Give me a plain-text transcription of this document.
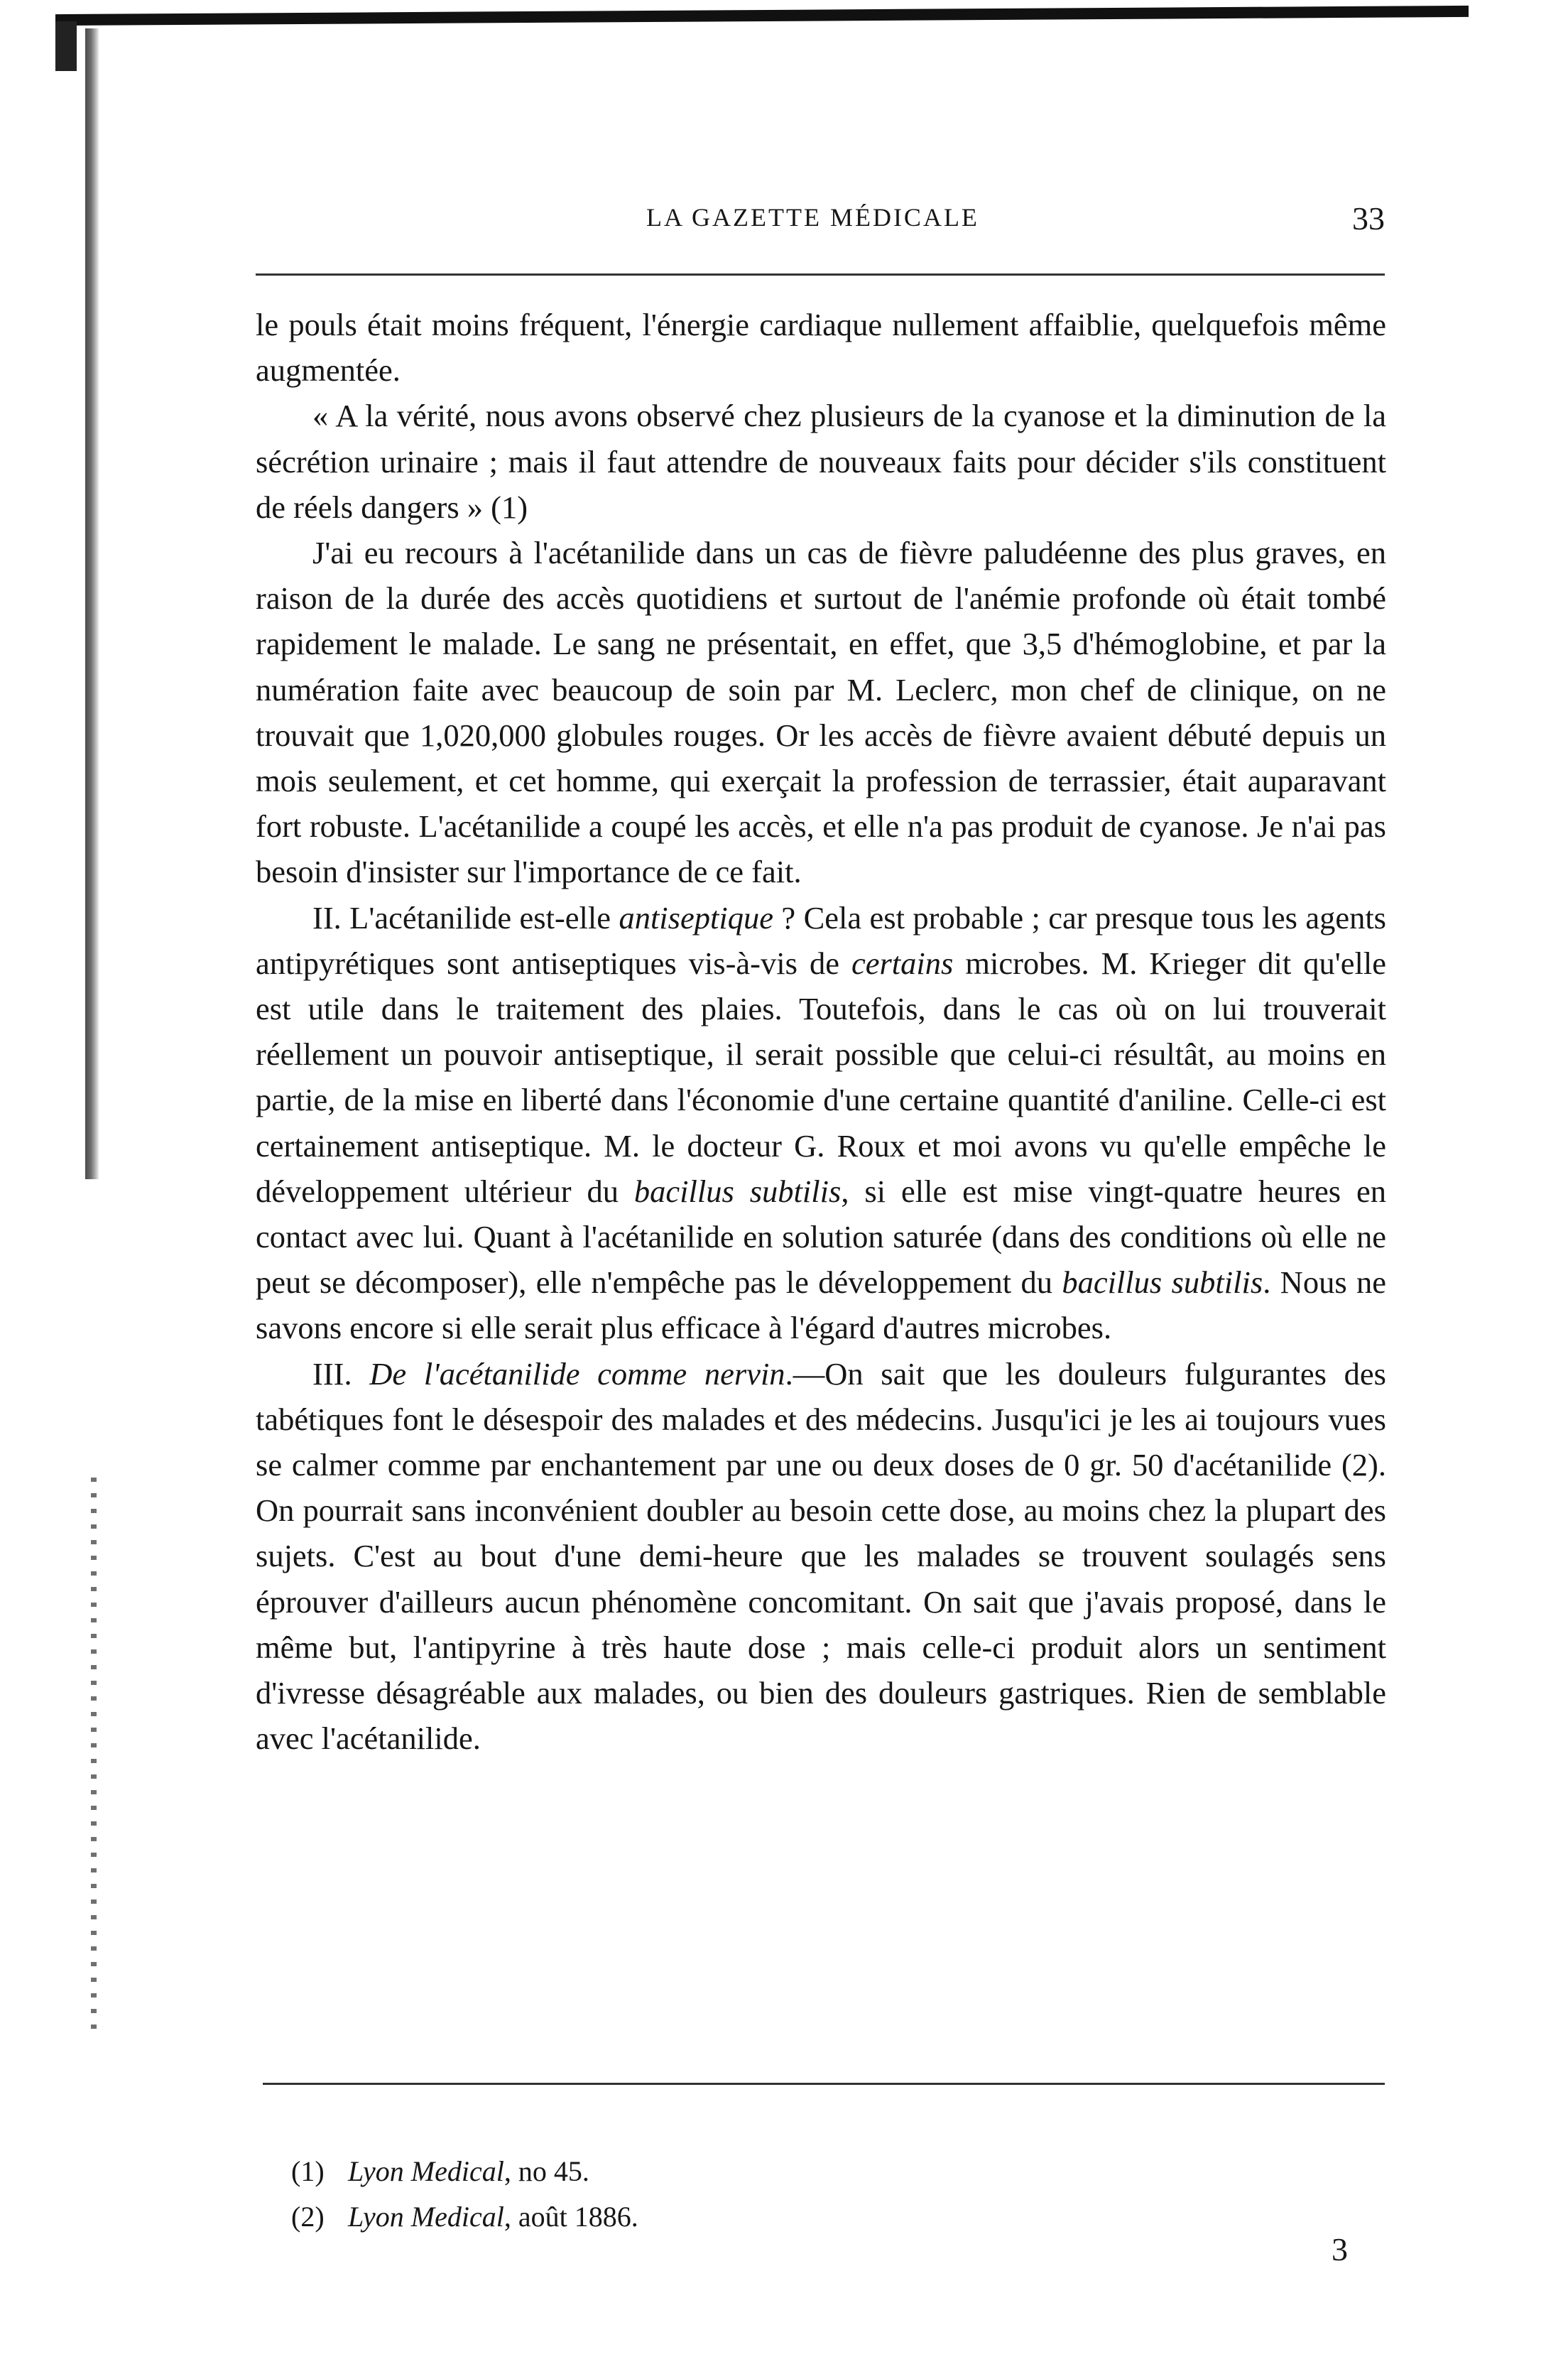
LA GAZETTE MÉDICALE	33

le pouls était moins fréquent, l'énergie cardiaque nullement affaiblie, quelquefois même augmentée.

« A la vérité, nous avons observé chez plusieurs de la cyanose et la diminution de la sécrétion urinaire ; mais il faut attendre de nouveaux faits pour décider s'ils constituent de réels dangers » (1)

J'ai eu recours à l'acétanilide dans un cas de fièvre paludéenne des plus graves, en raison de la durée des accès quotidiens et surtout de l'anémie profonde où était tombé rapidement le malade. Le sang ne présentait, en effet, que 3,5 d'hémoglobine, et par la numération faite avec beaucoup de soin par M. Leclerc, mon chef de clinique, on ne trouvait que 1,020,000 globules rouges. Or les accès de fièvre avaient débuté depuis un mois seulement, et cet homme, qui exerçait la profession de terrassier, était auparavant fort robuste. L'acétanilide a coupé les accès, et elle n'a pas produit de cyanose. Je n'ai pas besoin d'insister sur l'importance de ce fait.

II. L'acétanilide est-elle antiseptique ? Cela est probable ; car presque tous les agents antipyrétiques sont antiseptiques vis-à-vis de certains microbes. M. Krieger dit qu'elle est utile dans le traitement des plaies. Toutefois, dans le cas où on lui trouverait réellement un pouvoir antiseptique, il serait possible que celui-ci résultât, au moins en partie, de la mise en liberté dans l'économie d'une certaine quantité d'aniline. Celle-ci est certainement antiseptique. M. le docteur G. Roux et moi avons vu qu'elle empêche le développement ultérieur du bacillus subtilis, si elle est mise vingt-quatre heures en contact avec lui. Quant à l'acétanilide en solution saturée (dans des conditions où elle ne peut se décomposer), elle n'empêche pas le développement du bacillus subtilis. Nous ne savons encore si elle serait plus efficace à l'égard d'autres microbes.

III. De l'acétanilide comme nervin.—On sait que les douleurs fulgurantes des tabétiques font le désespoir des malades et des médecins. Jusqu'ici je les ai toujours vues se calmer comme par enchantement par une ou deux doses de 0 gr. 50 d'acétanilide (2). On pourrait sans inconvénient doubler au besoin cette dose, au moins chez la plupart des sujets. C'est au bout d'une demi-heure que les malades se trouvent soulagés sens éprouver d'ailleurs aucun phénomène concomitant. On sait que j'avais proposé, dans le même but, l'antipyrine à très haute dose ; mais celle-ci produit alors un sentiment d'ivresse désagréable aux malades, ou bien des douleurs gastriques. Rien de semblable avec l'acétanilide.

(1) Lyon Medical, no 45.
(2) Lyon Medical, août 1886.
3
